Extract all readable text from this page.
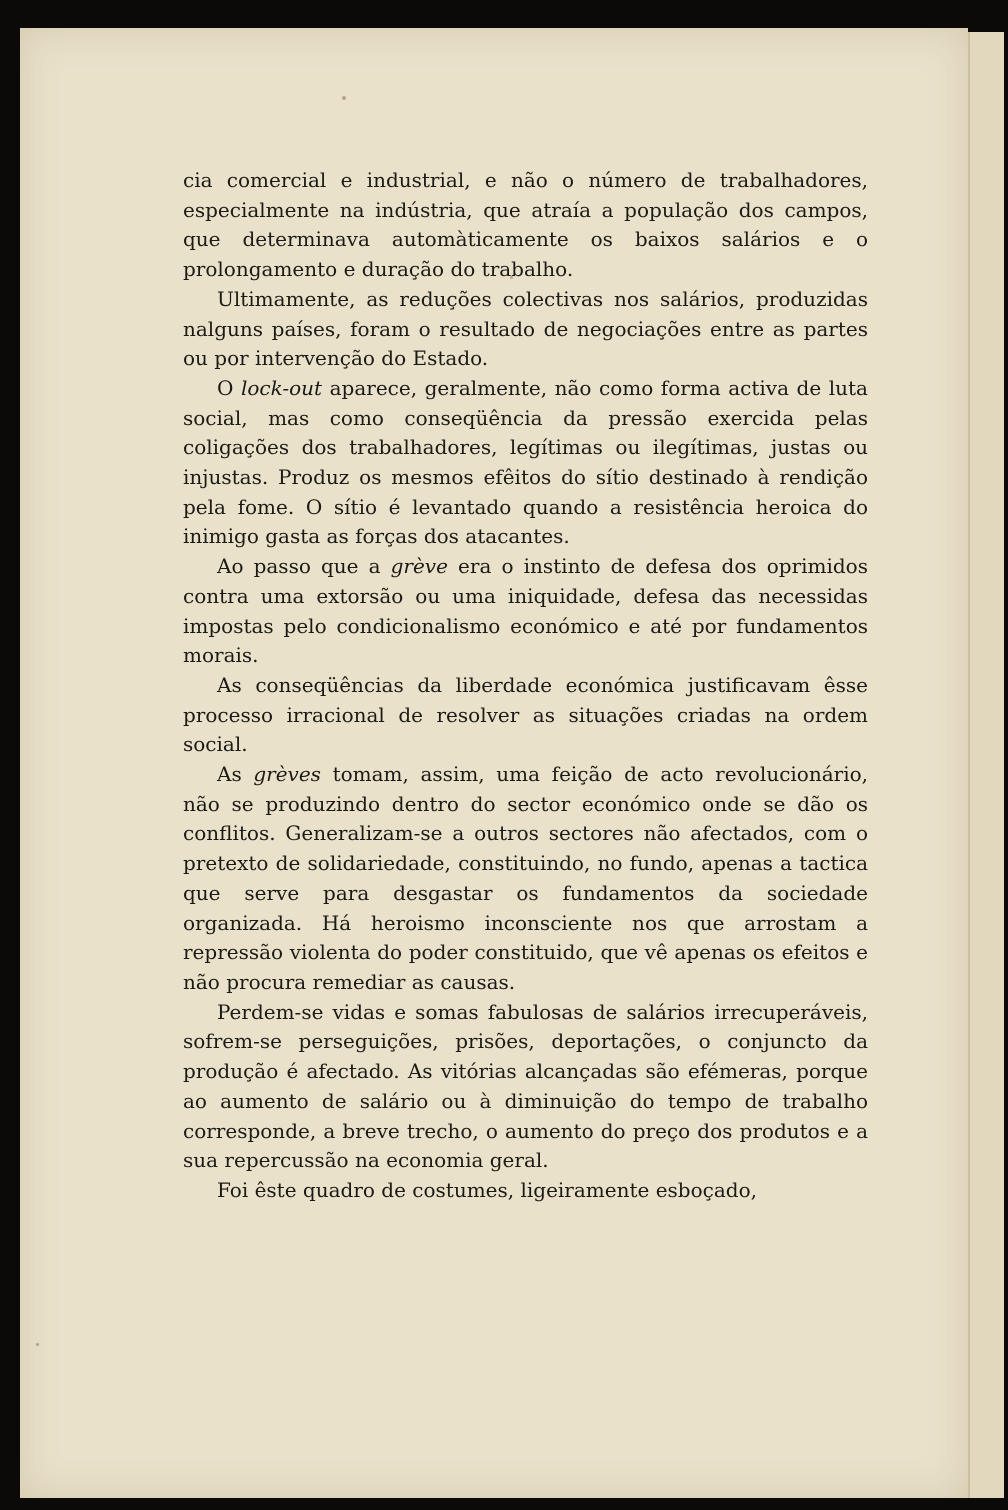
cia comercial e industrial, e não o número de trabalhadores, especialmente na indústria, que atraía a população dos campos, que determinava automàticamente os baixos salários e o prolongamento e duração do trabalho.

Ultimamente, as reduções colectivas nos salários, produzidas nalguns países, foram o resultado de negociações entre as partes ou por intervenção do Estado.

O lock-out aparece, geralmente, não como forma activa de luta social, mas como conseqüência da pressão exercida pelas coligações dos trabalhadores, legítimas ou ilegítimas, justas ou injustas. Produz os mesmos efêitos do sítio destinado à rendição pela fome. O sítio é levantado quando a resistência heroica do inimigo gasta as forças dos atacantes.

Ao passo que a grève era o instinto de defesa dos oprimidos contra uma extorsão ou uma iniquidade, defesa das necessidas impostas pelo condicionalismo económico e até por fundamentos morais.

As conseqüências da liberdade económica justificavam êsse processo irracional de resolver as situações criadas na ordem social.

As grèves tomam, assim, uma feição de acto revolucionário, não se produzindo dentro do sector económico onde se dão os conflitos. Generalizam-se a outros sectores não afectados, com o pretexto de solidariedade, constituindo, no fundo, apenas a tactica que serve para desgastar os fundamentos da sociedade organizada. Há heroismo inconsciente nos que arrostam a repressão violenta do poder constituido, que vê apenas os efeitos e não procura remediar as causas.

Perdem-se vidas e somas fabulosas de salários irrecuperáveis, sofrem-se perseguições, prisões, deportações, o conjuncto da produção é afectado. As vitórias alcançadas são efémeras, porque ao aumento de salário ou à diminuição do tempo de trabalho corresponde, a breve trecho, o aumento do preço dos produtos e a sua repercussão na economia geral.

Foi êste quadro de costumes, ligeiramente esboçado,
